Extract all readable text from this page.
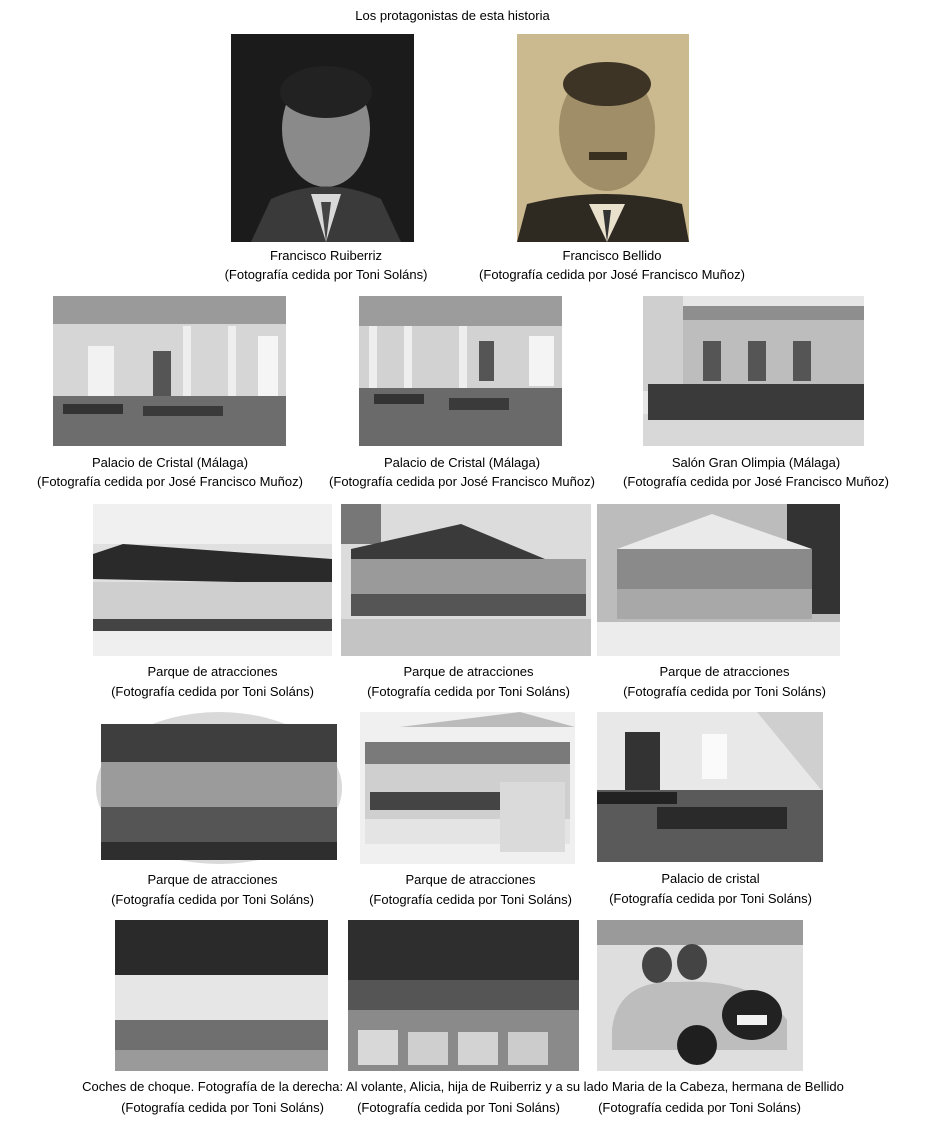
Los protagonistas de esta historia
Francisco Ruiberriz
(Fotografía cedida por Toni Soláns)
Francisco Bellido
(Fotografía cedida por José Francisco Muñoz)
Palacio de Cristal (Málaga)
(Fotografía cedida por José Francisco Muñoz)
Palacio de Cristal (Málaga)
(Fotografía cedida por José Francisco Muñoz)
Salón Gran Olimpia (Málaga)
(Fotografía cedida por José Francisco Muñoz)
Parque de atracciones
(Fotografía cedida por Toni Soláns)
Parque de atracciones
(Fotografía cedida por Toni Soláns)
Parque de atracciones
(Fotografía cedida por Toni Soláns)
Parque de atracciones
(Fotografía cedida por Toni Soláns)
Parque de atracciones
(Fotografía cedida por Toni Soláns)
Palacio de cristal
(Fotografía cedida por Toni Soláns)
Coches de choque. Fotografía de la derecha: Al volante, Alicia, hija de Ruiberriz y a su lado Maria de la Cabeza, hermana de Bellido
(Fotografía cedida por Toni Soláns)	(Fotografía cedida por Toni Soláns)	(Fotografía cedida por Toni Soláns)
